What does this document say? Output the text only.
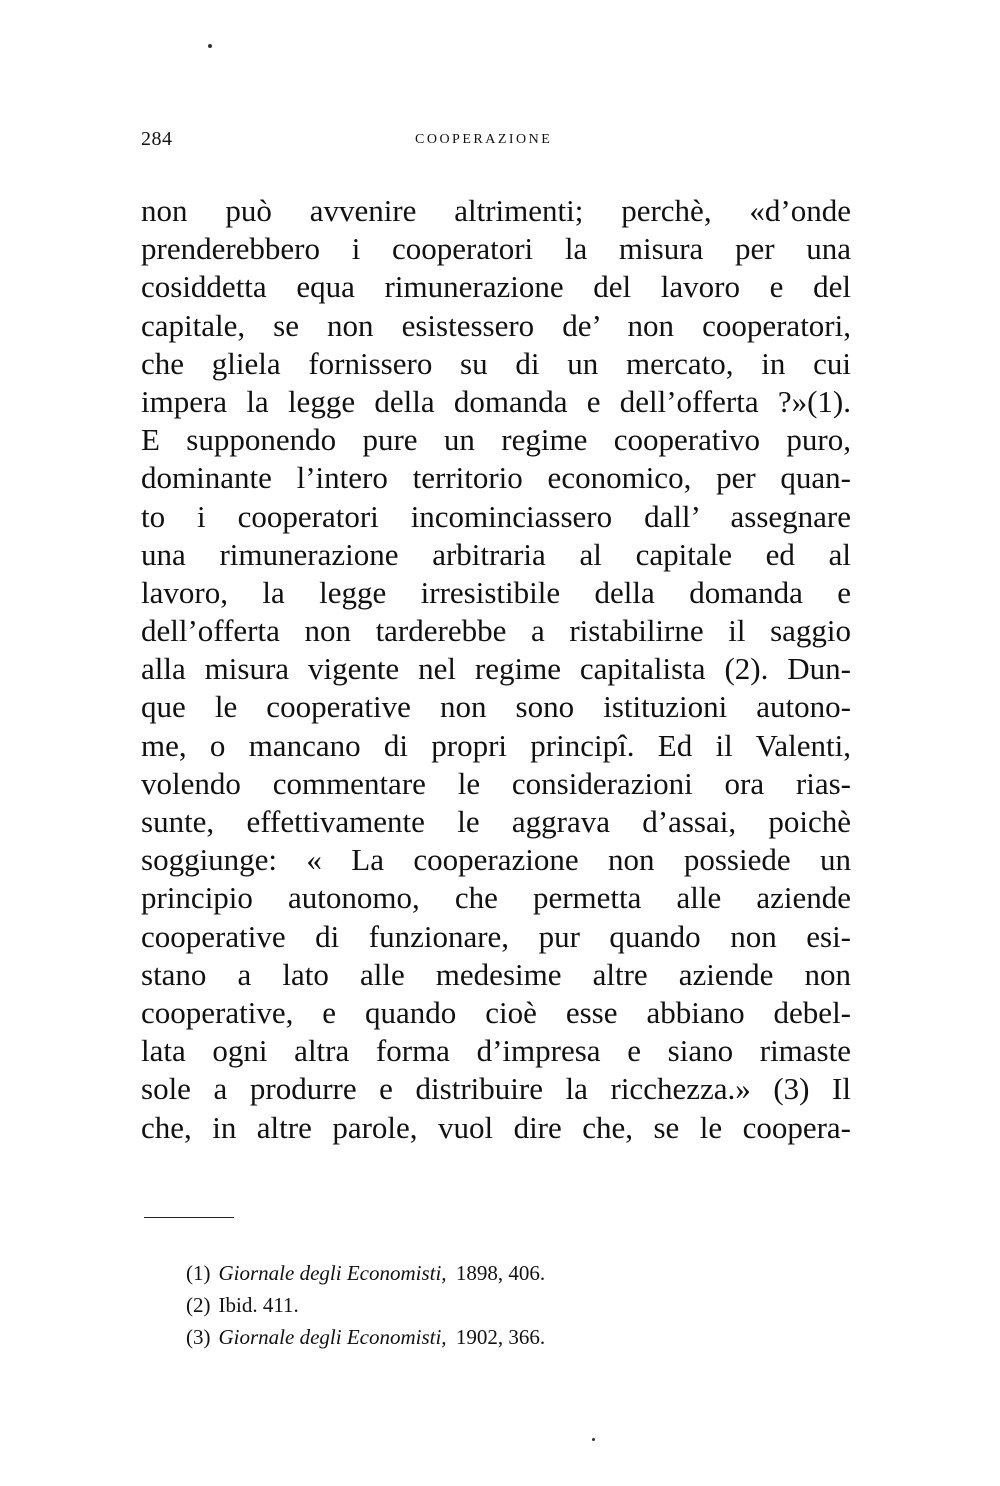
284	COOPERAZIONE
non può avvenire altrimenti; perchè, «d’onde
prenderebbero i cooperatori la misura per una
cosiddetta equa rimunerazione del lavoro e del
capitale, se non esistessero de’ non cooperatori,
che gliela fornissero su di un mercato, in cui
impera la legge della domanda e dell’offerta ?»(1).
E supponendo pure un regime cooperativo puro,
dominante l’intero territorio economico, per quan-
to i cooperatori incominciassero dall’ assegnare
una rimunerazione arbitraria al capitale ed al
lavoro, la legge irresistibile della domanda e
dell’offerta non tarderebbe a ristabilirne il saggio
alla misura vigente nel regime capitalista (2). Dun-
que le cooperative non sono istituzioni autono-
me, o mancano di propri principî. Ed il Valenti,
volendo commentare le considerazioni ora rias-
sunte, effettivamente le aggrava d’assai, poichè
soggiunge: « La cooperazione non possiede un
principio autonomo, che permetta alle aziende
cooperative di funzionare, pur quando non esi-
stano a lato alle medesime altre aziende non
cooperative, e quando cioè esse abbiano debel-
lata ogni altra forma d’impresa e siano rimaste
sole a produrre e distribuire la ricchezza.» (3) Il
che, in altre parole, vuol dire che, se le coopera-
(1) Giornale degli Economisti, 1898, 406.
(2) Ibid. 411.
(3) Giornale degli Economisti, 1902, 366.
